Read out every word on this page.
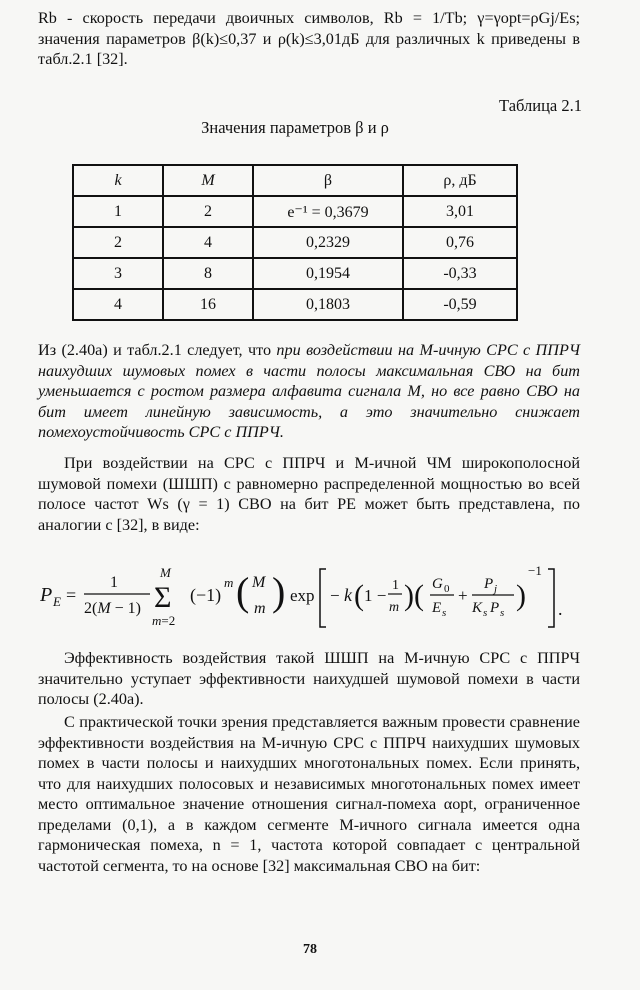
Rb - скорость передачи двоичных символов, Rb = 1/Tb; γ=γopt=ρGj/Es; значения параметров β(k)≤0,37 и ρ(k)≤3,01дБ для различных k приведены в табл.2.1 [32].
Таблица 2.1
Значения параметров β и ρ
k	M	β	ρ, дБ
1	2	e⁻¹ = 0,3679	3,01
2	4	0,2329	0,76
3	8	0,1954	-0,33
4	16	0,1803	-0,59
Из (2.40а) и табл.2.1 следует, что при воздействии на М-ичную СРС с ППРЧ наихудших шумовых помех в части полосы максимальная СВО на бит уменьшается с ростом размера алфавита сигнала М, но все равно СВО на бит имеет линейную зависимость, а это значительно снижает помехоустойчивость СРС с ППРЧ.
При воздействии на СРС с ППРЧ и М-ичной ЧМ широкополосной шумовой помехи (ШШП) с равномерно распределенной мощностью во всей полосе частот Ws (γ = 1) СВО на бит PE может быть представлена, по аналогии с [32], в виде:
P E =
1
2(M − 1)
M
Σ
m=2
(−1)
m ( M
m ) exp − k ( 1 −
1
m )( G 0
E s
+
P j
K s P s
)
−1
.
Эффективность воздействия такой ШШП на М-ичную СРС с ППРЧ значительно уступает эффективности наихудшей шумовой помехи в части полосы (2.40а).
С практической точки зрения представляется важным провести сравнение эффективности воздействия на М-ичную СРС с ППРЧ наихудших шумовых помех в части полосы и наихудших многотональных помех. Если принять, что для наихудших полосовых и независимых многотональных помех имеет место оптимальное значение отношения сигнал-помеха αopt, ограниченное пределами (0,1), а в каждом сегменте М-ичного сигнала имеется одна гармоническая помеха, n = 1, частота которой совпадает с центральной частотой сегмента, то на основе [32] максимальная СВО на бит:
78
